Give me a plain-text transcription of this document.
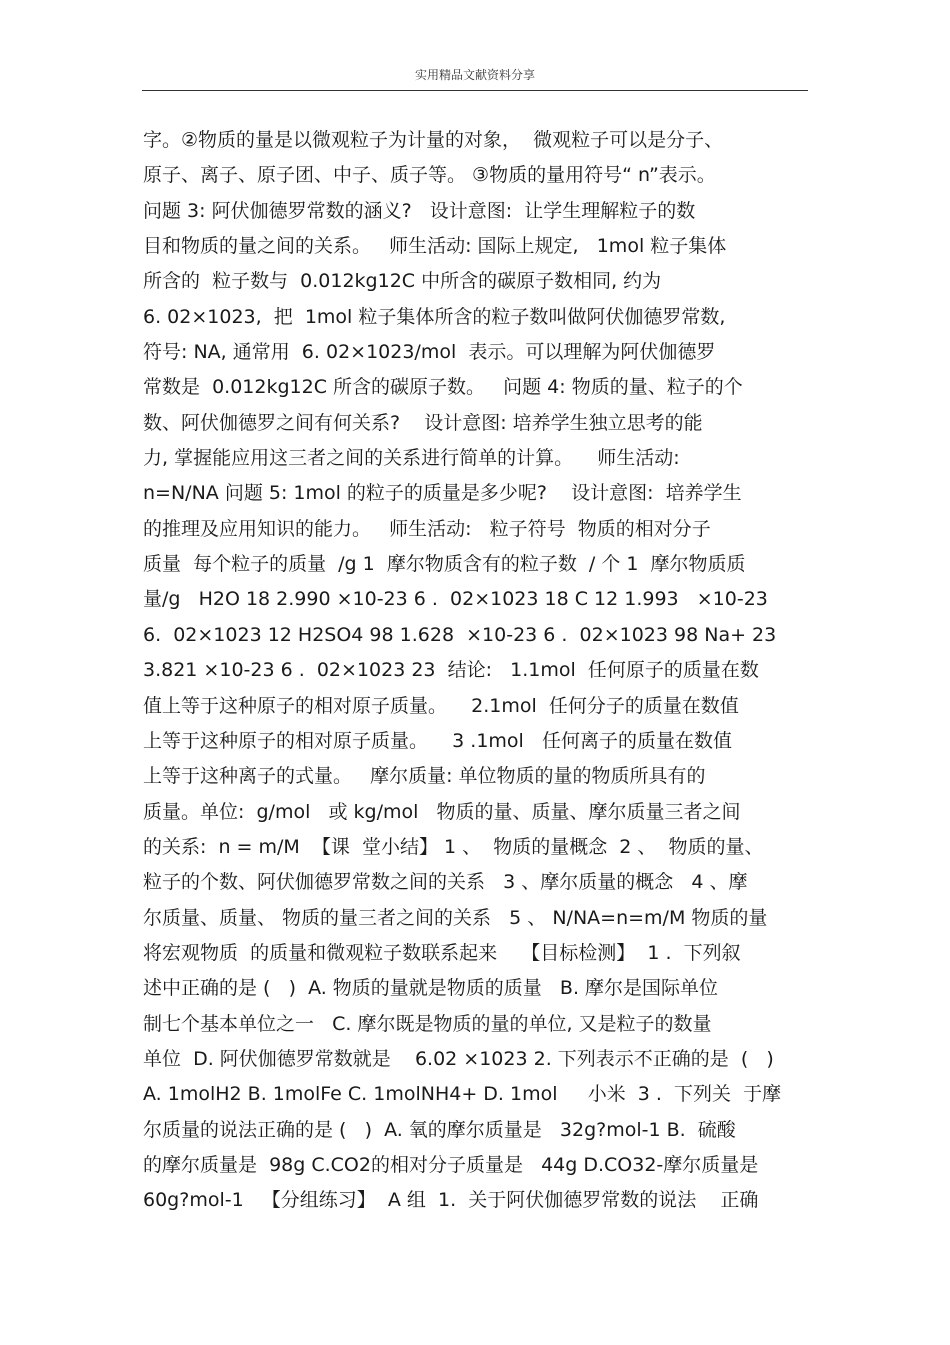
实用精品文献资料分享
字。②物质的量是以微观粒子为计量的对象，  微观粒子可以是分子、
原子、离子、原子团、中子、质子等。 ③物质的量用符号“ n”表示。
问题 3: 阿伏伽德罗常数的涵义?   设计意图:  让学生理解粒子的数
目和物质的量之间的关系。   师生活动: 国际上规定,   1mol 粒子集体
所含的  粒子数与  0.012kg12C 中所含的碳原子数相同, 约为
6. 02×1023,  把  1mol 粒子集体所含的粒子数叫做阿伏伽德罗常数,
符号: NA, 通常用  6. 02×1023/mol  表示。可以理解为阿伏伽德罗
常数是  0.012kg12C 所含的碳原子数。   问题 4: 物质的量、粒子的个
数、阿伏伽德罗之间有何关系?    设计意图: 培养学生独立思考的能
力, 掌握能应用这三者之间的关系进行简单的计算。    师生活动:
n=N/NA 问题 5: 1mol 的粒子的质量是多少呢?    设计意图:  培养学生
的推理及应用知识的能力。   师生活动:   粒子符号  物质的相对分子
质量  每个粒子的质量  /g 1  摩尔物质含有的粒子数  / 个 1  摩尔物质质
量/g   H2O 18 2.990 ×10-23 6 .  02×1023 18 C 12 1.993   ×10-23
6.  02×1023 12 H2SO4 98 1.628  ×10-23 6 .  02×1023 98 Na+ 23
3.821 ×10-23 6 .  02×1023 23  结论:   1.1mol  任何原子的质量在数
值上等于这种原子的相对原子质量。    2.1mol  任何分子的质量在数值
上等于这种原子的相对原子质量。    3 .1mol   任何离子的质量在数值
上等于这种离子的式量。   摩尔质量: 单位物质的量的物质所具有的
质量。单位:  g/mol   或 kg/mol   物质的量、质量、摩尔质量三者之间
的关系:  n = m/M  【课  堂小结】 1 、  物质的量概念  2 、  物质的量、
粒子的个数、阿伏伽德罗常数之间的关系   3 、摩尔质量的概念   4 、摩
尔质量、质量、 物质的量三者之间的关系   5 、 N/NA=n=m/M 物质的量
将宏观物质  的质量和微观粒子数联系起来    【目标检测】  1 .  下列叙
述中正确的是 (   )  A. 物质的量就是物质的质量   B. 摩尔是国际单位
制七个基本单位之一   C. 摩尔既是物质的量的单位, 又是粒子的数量
单位  D. 阿伏伽德罗常数就是    6.02 ×1023 2. 下列表示不正确的是  (   )
A. 1molH2 B. 1molFe C. 1molNH4+ D. 1mol     小米  3 .  下列关  于摩
尔质量的说法正确的是 (   )  A. 氧的摩尔质量是   32g?mol-1 B.  硫酸
的摩尔质量是  98g C.CO2的相对分子质量是   44g D.CO32-摩尔质量是
60g?mol-1   【分组练习】  A 组  1.  关于阿伏伽德罗常数的说法    正确
